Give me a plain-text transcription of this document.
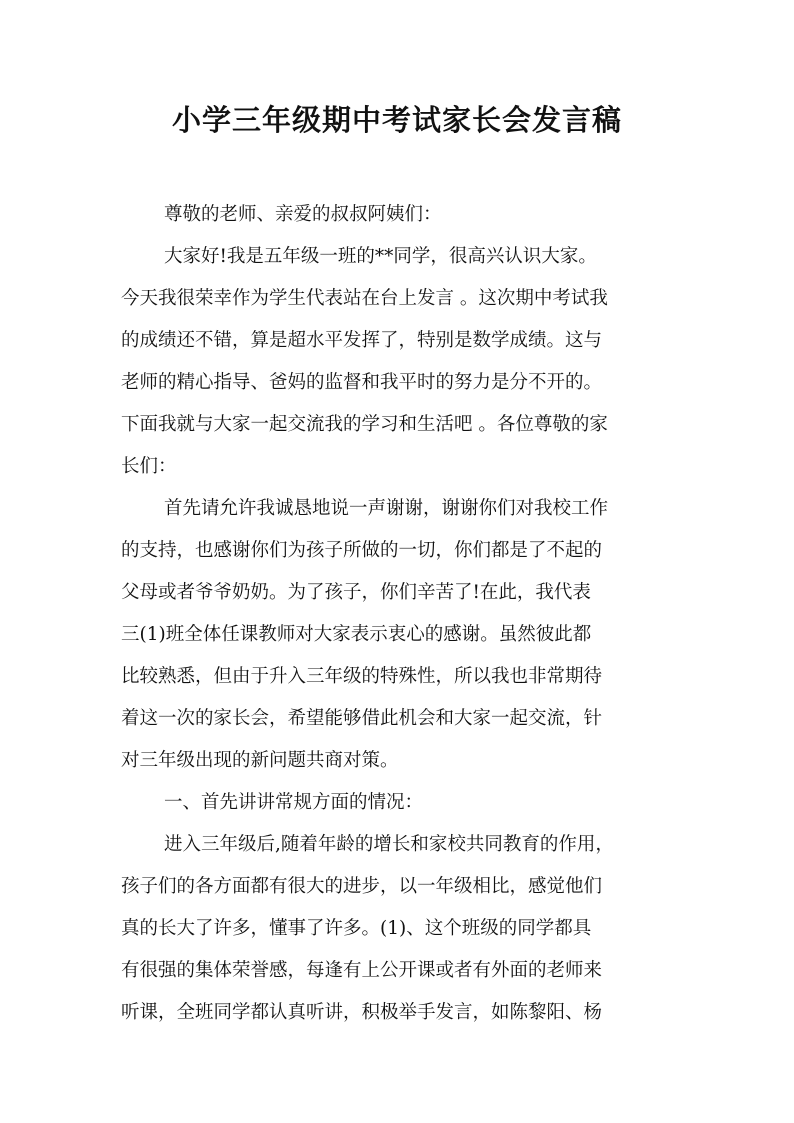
小学三年级期中考试家长会发言稿
尊敬的老师、亲爱的叔叔阿姨们：
大家好!我是五年级一班的**同学，很高兴认识大家。
今天我很荣幸作为学生代表站在台上发言 。这次期中考试我
的成绩还不错，算是超水平发挥了，特别是数学成绩。这与
老师的精心指导、爸妈的监督和我平时的努力是分不开的。
下面我就与大家一起交流我的学习和生活吧 。各位尊敬的家
长们：
首先请允许我诚恳地说一声谢谢，谢谢你们对我校工作
的支持，也感谢你们为孩子所做的一切，你们都是了不起的
父母或者爷爷奶奶。为了孩子，你们辛苦了!在此，我代表
三(1)班全体任课教师对大家表示衷心的感谢。虽然彼此都
比较熟悉，但由于升入三年级的特殊性，所以我也非常期待
着这一次的家长会，希望能够借此机会和大家一起交流，针
对三年级出现的新问题共商对策。
一、首先讲讲常规方面的情况：
进入三年级后,随着年龄的增长和家校共同教育的作用，
孩子们的各方面都有很大的进步，以一年级相比，感觉他们
真的长大了许多，懂事了许多。(1)、这个班级的同学都具
有很强的集体荣誉感，每逢有上公开课或者有外面的老师来
听课，全班同学都认真听讲，积极举手发言，如陈黎阳、杨
